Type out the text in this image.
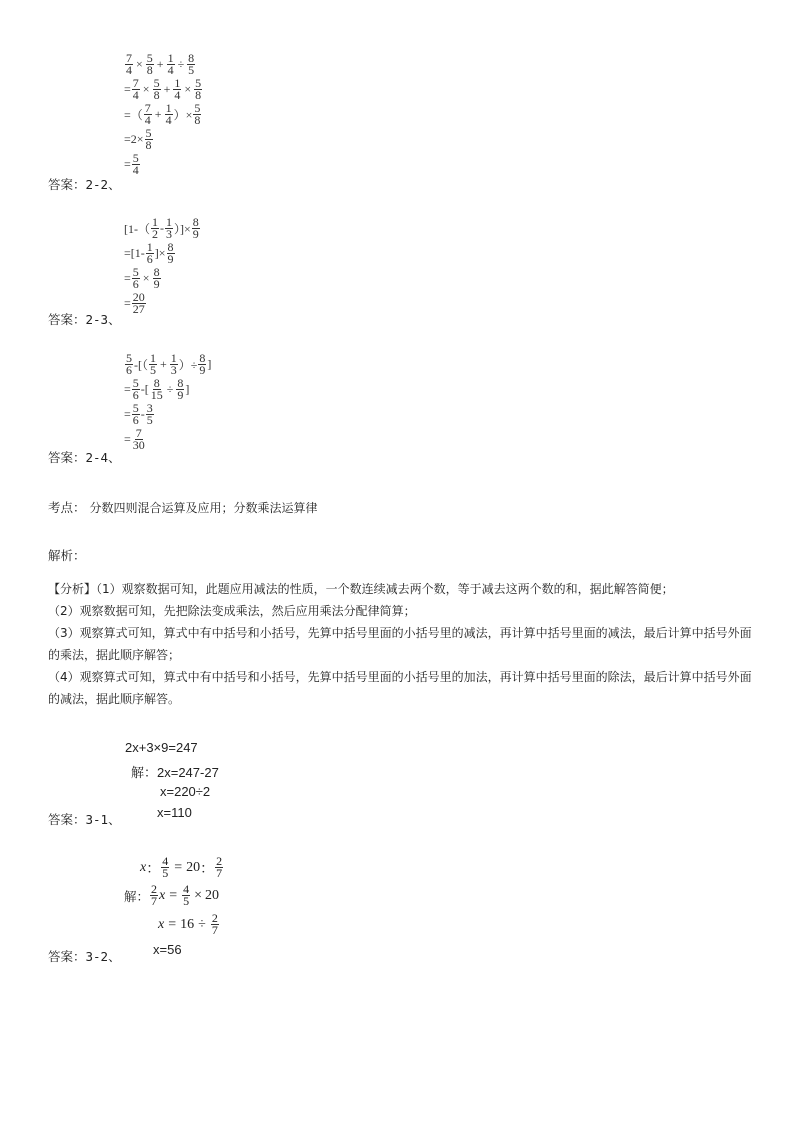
$\frac{7}{4} \times \frac{5}{8} + \frac{1}{4} \div \frac{8}{5}$
= $\frac{7}{4} \times \frac{5}{8} + \frac{1}{4} \times \frac{5}{8}$
=（ $\frac{7}{4} + \frac{1}{4}$ ）× $\frac{5}{8}$
$=2\times \frac{5}{8}$
= $\frac{5}{4}$
答案：2-2、
[$1-( \frac{1}{2} - \frac{1}{3}$ ）]× $\frac{8}{9}$
$=[1- \frac{1}{6}$ ]× $\frac{8}{9}$
= $\frac{5}{6} \times \frac{8}{9}$
= $\frac{20}{27}$
答案：2-3、
$\frac{5}{6}$ -[（ $\frac{1}{5} + \frac{1}{3}$ ）÷ $\frac{8}{9}$ ]
= $\frac{5}{6}$ -[ $\frac{8}{15} \div \frac{8}{9}$ ]
= $\frac{5}{6} - \frac{3}{5}$
= $\frac{7}{30}$
答案：2-4、
考点： 分数四则混合运算及应用；分数乘法运算律
解析：

【分析】（1）观察数据可知，此题应用减法的性质，一个数连续减去两个数，等于减去这两个数的和，据此解答简便；

（2）观察数据可知，先把除法变成乘法，然后应用乘法分配律简算；

（3）观察算式可知，算式中有中括号和小括号，先算中括号里面的小括号里的减法，再计算中括号里面的减法，最后计算中括号外面的乘法，据此顺序解答；

（4）观察算式可知，算式中有中括号和小括号，先算中括号里面的小括号里的加法，再计算中括号里面的除法，最后计算中括号外面的减法，据此顺序解答。

2x+3×9=247
解：2x=247-27
x=220÷2
x=110
答案：3-1、
x ： $\frac{4}{5} = 20$ ： $\frac{2}{7}$
解： $\frac{2}{7}$ $x = \frac{4}{5} \times 20$
$x = 16 \div \frac{2}{7}$
x=56
答案：3-2、
